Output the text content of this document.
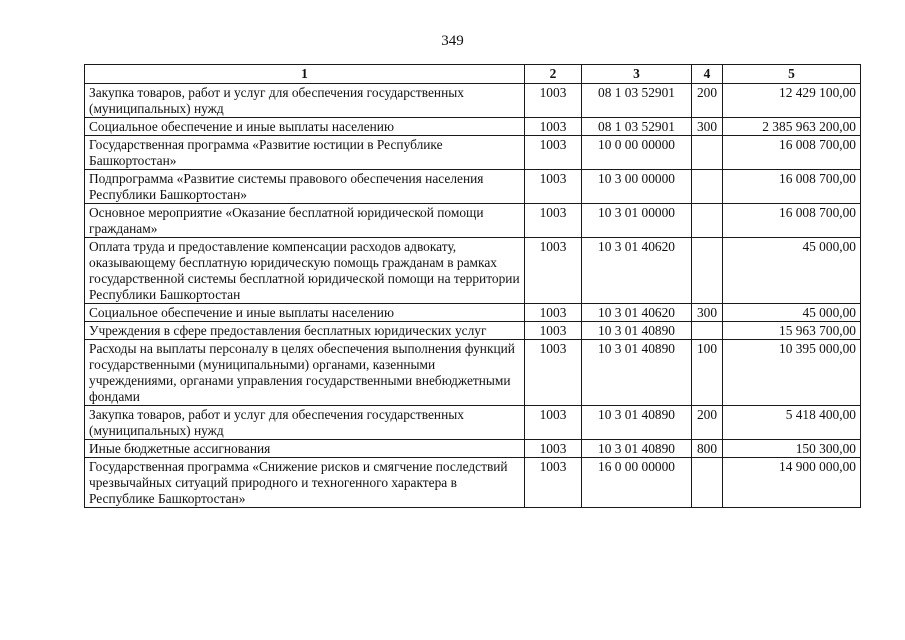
349
1	2	3	4	5
Закупка товаров, работ и услуг для обеспечения государственных (муниципальных) нужд	1003	08 1 03 52901	200	12 429 100,00
Социальное обеспечение и иные выплаты населению	1003	08 1 03 52901	300	2 385 963 200,00
Государственная программа «Развитие юстиции в Республике Башкортостан»	1003	10 0 00 00000		16 008 700,00
Подпрограмма «Развитие системы правового обеспечения населения Республики Башкортостан»	1003	10 3 00 00000		16 008 700,00
Основное мероприятие «Оказание бесплатной юридической помощи гражданам»	1003	10 3 01 00000		16 008 700,00
Оплата труда и предоставление компенсации расходов адвокату, оказывающему бесплатную юридическую помощь гражданам в рамках государственной системы бесплатной юридической помощи на территории Республики Башкортостан	1003	10 3 01 40620		45 000,00
Социальное обеспечение и иные выплаты населению	1003	10 3 01 40620	300	45 000,00
Учреждения в сфере предоставления бесплатных юридических услуг	1003	10 3 01 40890		15 963 700,00
Расходы на выплаты персоналу в целях обеспечения выполнения функций государственными (муниципальными) органами, казенными учреждениями, органами управления государственными внебюджетными фондами	1003	10 3 01 40890	100	10 395 000,00
Закупка товаров, работ и услуг для обеспечения государственных (муниципальных) нужд	1003	10 3 01 40890	200	5 418 400,00
Иные бюджетные ассигнования	1003	10 3 01 40890	800	150 300,00
Государственная программа «Снижение рисков и смягчение последствий чрезвычайных ситуаций природного и техногенного характера в Республике Башкортостан»	1003	16 0 00 00000		14 900 000,00
